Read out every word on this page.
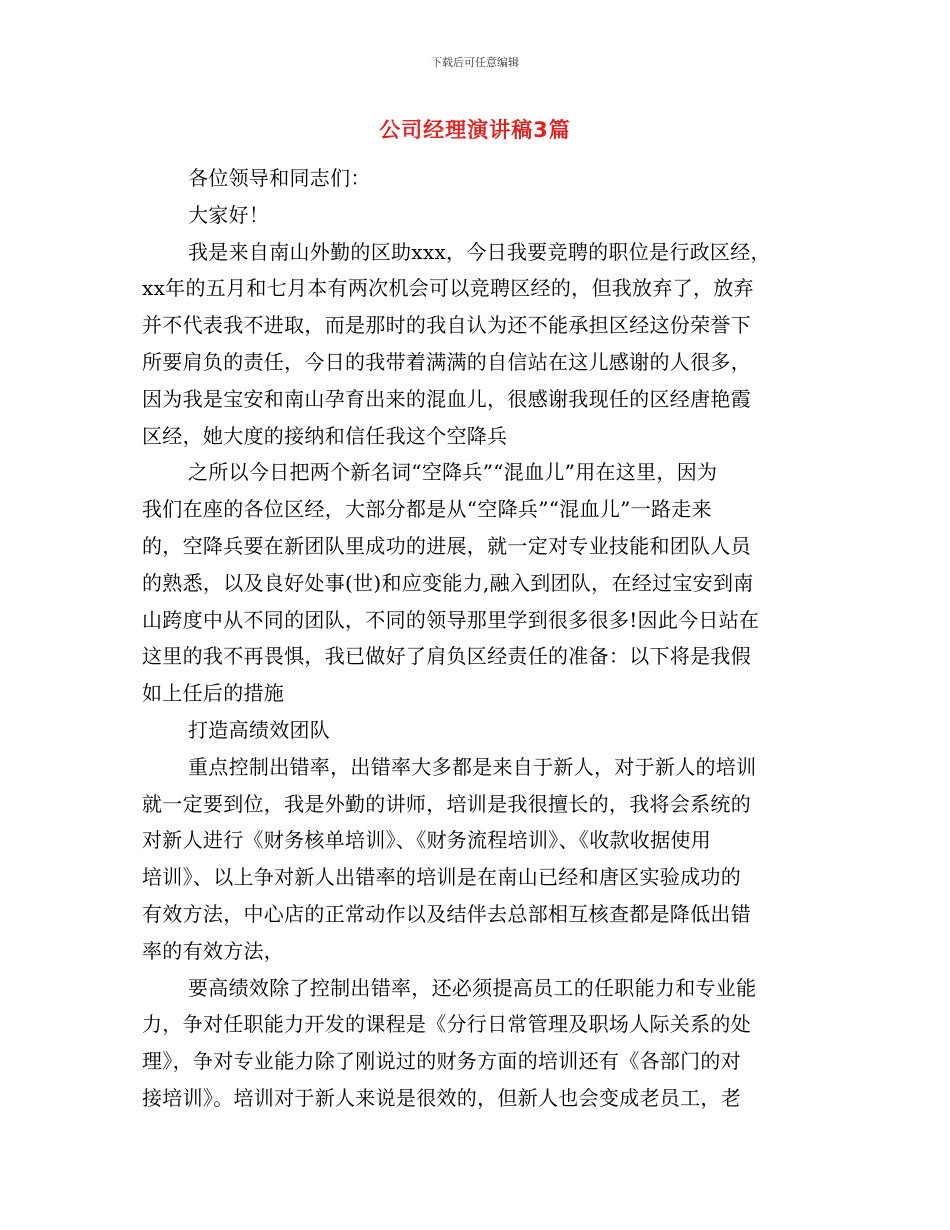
下载后可任意编辑
公司经理演讲稿3篇
各位领导和同志们：
大家好！
我是来自南山外勤的区助xxx，今日我要竞聘的职位是行政区经，
xx年的五月和七月本有两次机会可以竞聘区经的，但我放弃了，放弃
并不代表我不进取，而是那时的我自认为还不能承担区经这份荣誉下
所要肩负的责任，今日的我带着满满的自信站在这儿感谢的人很多，
因为我是宝安和南山孕育出来的混血儿，很感谢我现任的区经唐艳霞
区经，她大度的接纳和信任我这个空降兵
之所以今日把两个新名词“空降兵”“混血儿”用在这里，因为
我们在座的各位区经，大部分都是从“空降兵”“混血儿”一路走来
的，空降兵要在新团队里成功的进展，就一定对专业技能和团队人员
的熟悉，以及良好处事(世)和应变能力,融入到团队，在经过宝安到南
山跨度中从不同的团队，不同的领导那里学到很多很多!因此今日站在
这里的我不再畏惧，我已做好了肩负区经责任的准备：以下将是我假
如上任后的措施
打造高绩效团队
重点控制出错率，出错率大多都是来自于新人，对于新人的培训
就一定要到位，我是外勤的讲师，培训是我很擅长的，我将会系统的
对新人进行《财务核单培训》、《财务流程培训》、《收款收据使用
培训》、以上争对新人出错率的培训是在南山已经和唐区实验成功的
有效方法，中心店的正常动作以及结伴去总部相互核查都是降低出错
率的有效方法，
要高绩效除了控制出错率，还必须提高员工的任职能力和专业能
力，争对任职能力开发的课程是《分行日常管理及职场人际关系的处
理》，争对专业能力除了刚说过的财务方面的培训还有《各部门的对
接培训》。培训对于新人来说是很效的，但新人也会变成老员工，老
